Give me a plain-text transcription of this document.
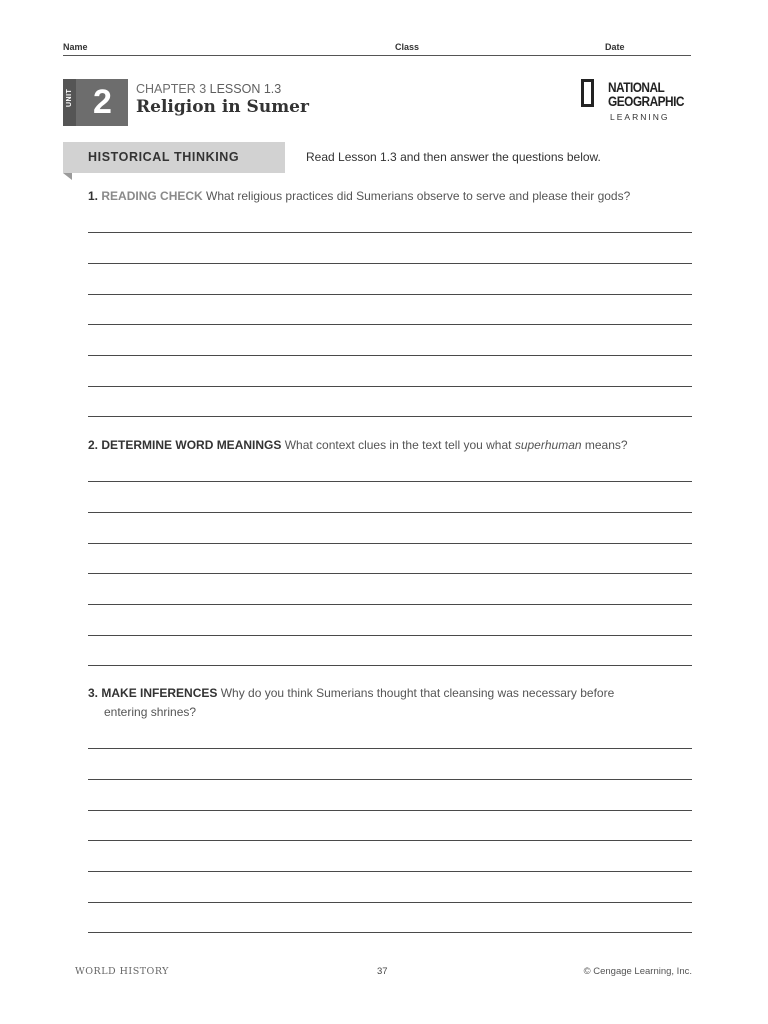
Name	Class	Date
UNIT 2	CHAPTER 3 LESSON 1.3
Religion in Sumer
NATIONAL
GEOGRAPHIC
LEARNING
HISTORICAL THINKING	Read Lesson 1.3 and then answer the questions below.
1. READING CHECK What religious practices did Sumerians observe to serve and please their gods?
2. DETERMINE WORD MEANINGS What context clues in the text tell you what superhuman means?
3. MAKE INFERENCES Why do you think Sumerians thought that cleansing was necessary before
entering shrines?
WORLD HISTORY	37	© Cengage Learning, Inc.
